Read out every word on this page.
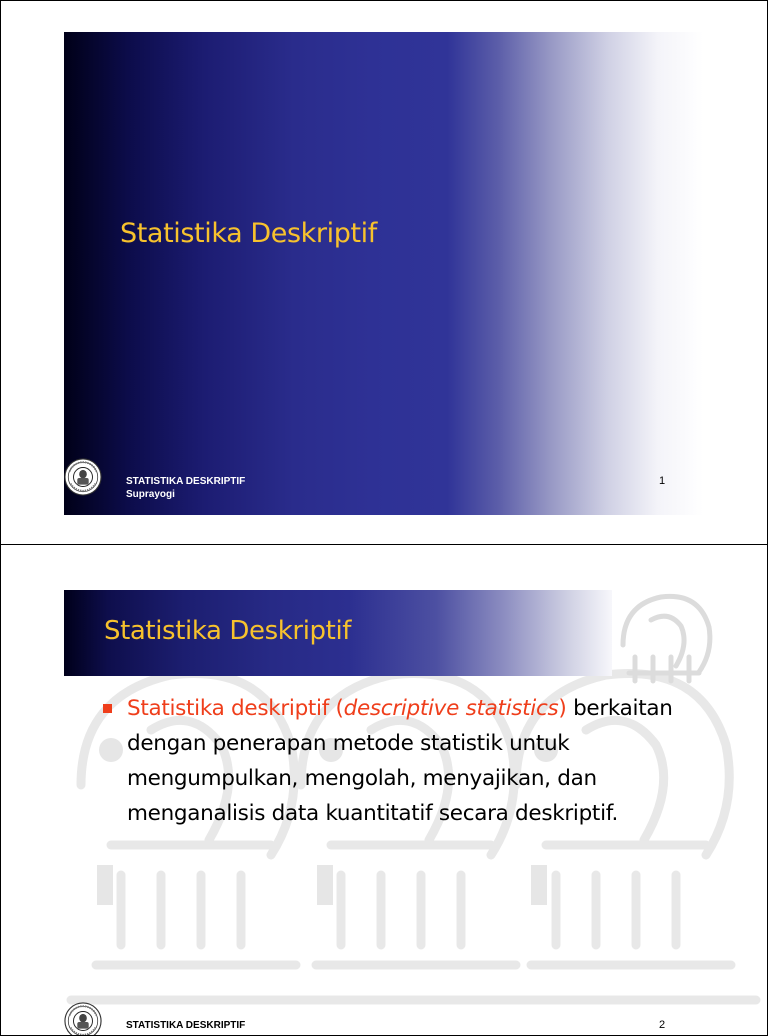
Statistika Deskriptif
STATISTIKA DESKRIPTIF
Suprayogi
1
Statistika Deskriptif
Statistika deskriptif (descriptive statistics) berkaitan dengan penerapan metode statistik untuk mengumpulkan, mengolah, menyajikan, dan menganalisis data kuantitatif secara deskriptif.
STATISTIKA DESKRIPTIF	2
